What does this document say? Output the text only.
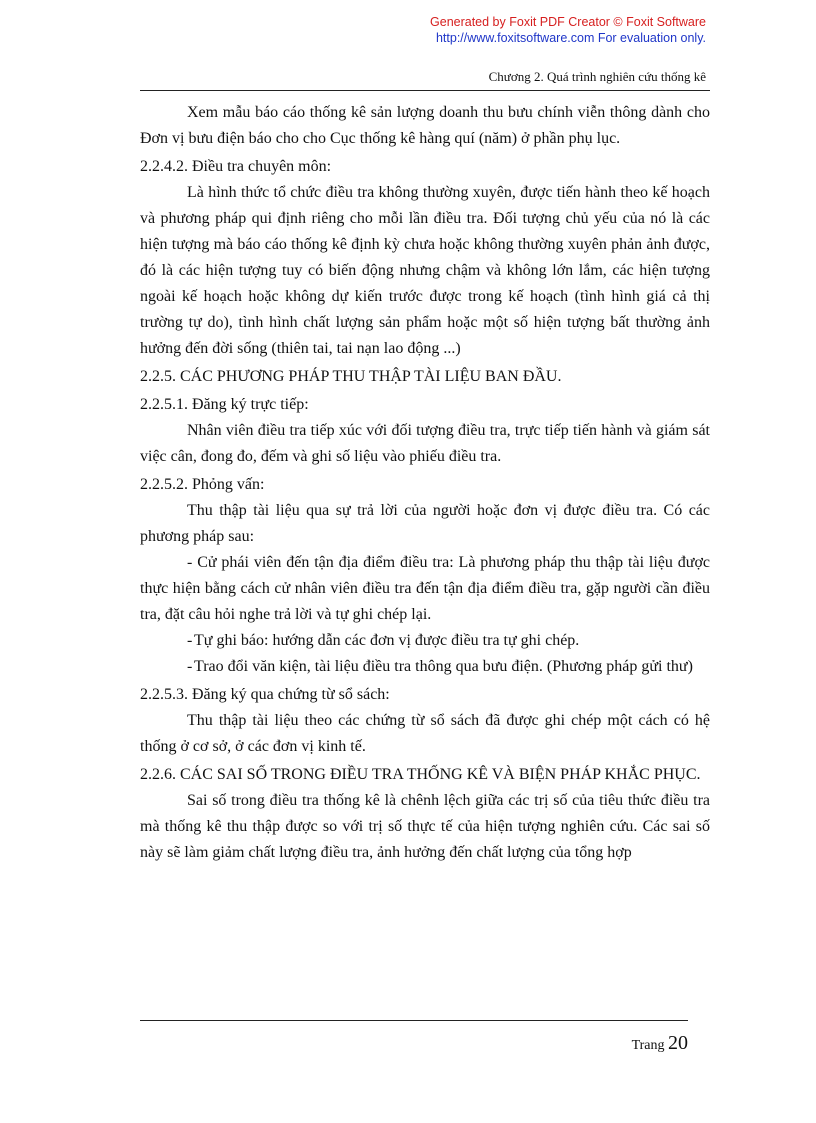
Generated by Foxit PDF Creator © Foxit Software
http://www.foxitsoftware.com For evaluation only.
Chương 2. Quá trình nghiên cứu thống kê

Xem mẫu báo cáo thống kê sản lượng doanh thu bưu chính viễn thông dành cho Đơn vị bưu điện báo cho cho Cục thống kê hàng quí (năm) ở phần phụ lục.

2.2.4.2. Điều tra chuyên môn:

Là hình thức tổ chức điều tra không thường xuyên, được tiến hành theo kế hoạch và phương pháp qui định riêng cho mỗi lần điều tra. Đối tượng chủ yếu của nó là các hiện tượng mà báo cáo thống kê định kỳ chưa hoặc không thường xuyên phản ảnh được, đó là các hiện tượng tuy có biến động nhưng chậm và không lớn lắm, các hiện tượng ngoài kế hoạch hoặc không dự kiến trước được trong kế hoạch (tình hình giá cả thị trường tự do), tình hình chất lượng sản phẩm hoặc một số hiện tượng bất thường ảnh hưởng đến đời sống (thiên tai, tai nạn lao động ...)

2.2.5. CÁC PHƯƠNG PHÁP THU THẬP TÀI LIỆU BAN ĐẦU.

2.2.5.1. Đăng ký trực tiếp:

Nhân viên điều tra tiếp xúc với đối tượng điều tra, trực tiếp tiến hành và giám sát việc cân, đong đo, đếm và ghi số liệu vào phiếu điều tra.

2.2.5.2. Phỏng vấn:

Thu thập tài liệu qua sự trả lời của người hoặc đơn vị được điều tra. Có các phương pháp sau:

- Cử phái viên đến tận địa điểm điều tra: Là phương pháp thu thập tài liệu được thực hiện bằng cách cử nhân viên điều tra đến tận địa điểm điều tra, gặp người cần điều tra, đặt câu hỏi nghe trả lời và tự ghi chép lại.

- Tự ghi báo: hướng dẫn các đơn vị được điều tra tự ghi chép.

- Trao đổi văn kiện, tài liệu điều tra thông qua bưu điện. (Phương pháp gửi thư)

2.2.5.3. Đăng ký qua chứng từ sổ sách:

Thu thập tài liệu theo các chứng từ sổ sách đã được ghi chép một cách có hệ thống ở cơ sở, ở các đơn vị kinh tế.

2.2.6. CÁC SAI SỐ TRONG ĐIỀU TRA THỐNG KÊ VÀ BIỆN PHÁP KHẮC PHỤC.

Sai số trong điều tra thống kê là chênh lệch giữa các trị số của tiêu thức điều tra mà thống kê thu thập được so với trị số thực tế của hiện tượng nghiên cứu. Các sai số này sẽ làm giảm chất lượng điều tra, ảnh hưởng đến chất lượng của tổng hợp

Trang 20
